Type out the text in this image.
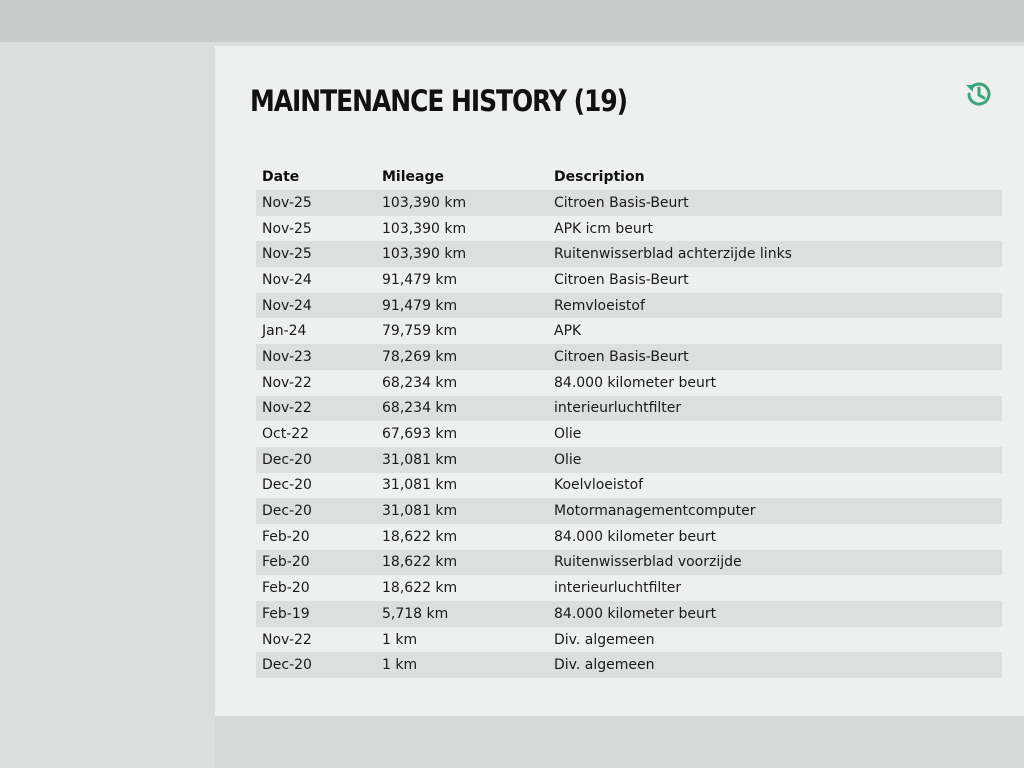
MAINTENANCE HISTORY (19)
Date	Mileage	Description
Nov-25	103,390 km	Citroen Basis-Beurt
Nov-25	103,390 km	APK icm beurt
Nov-25	103,390 km	Ruitenwisserblad achterzijde links
Nov-24	91,479 km	Citroen Basis-Beurt
Nov-24	91,479 km	Remvloeistof
Jan-24	79,759 km	APK
Nov-23	78,269 km	Citroen Basis-Beurt
Nov-22	68,234 km	84.000 kilometer beurt
Nov-22	68,234 km	interieurluchtfilter
Oct-22	67,693 km	Olie
Dec-20	31,081 km	Olie
Dec-20	31,081 km	Koelvloeistof
Dec-20	31,081 km	Motormanagementcomputer
Feb-20	18,622 km	84.000 kilometer beurt
Feb-20	18,622 km	Ruitenwisserblad voorzijde
Feb-20	18,622 km	interieurluchtfilter
Feb-19	5,718 km	84.000 kilometer beurt
Nov-22	1 km	Div. algemeen
Dec-20	1 km	Div. algemeen
